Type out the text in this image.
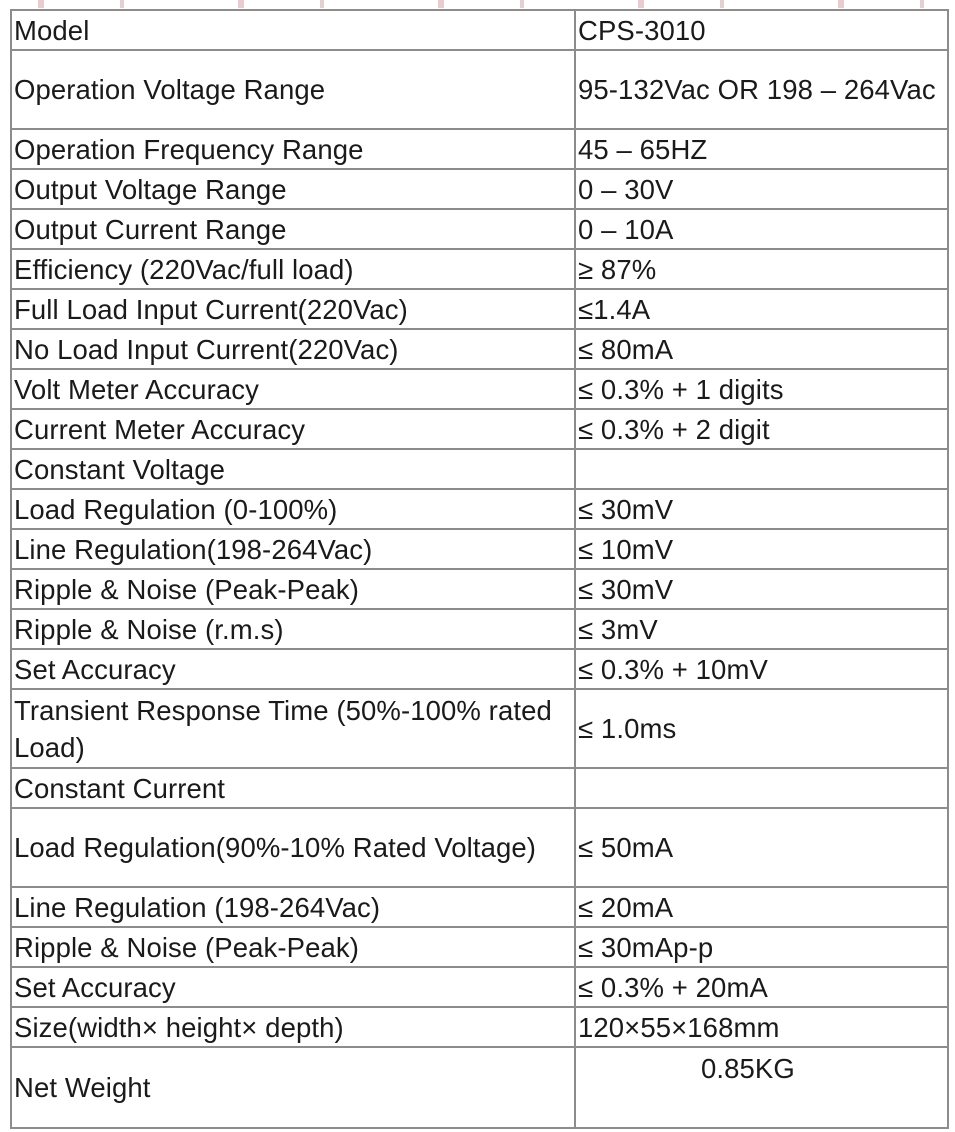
Model	CPS-3010
Operation Voltage Range	95-132Vac OR 198 – 264Vac
Operation Frequency Range	45 – 65HZ
Output Voltage Range	0 – 30V
Output Current Range	0 – 10A
Efficiency (220Vac/full load)	≥ 87%
Full Load Input Current(220Vac)	≤1.4A
No Load Input Current(220Vac)	≤ 80mA
Volt Meter Accuracy	≤ 0.3% + 1 digits
Current Meter Accuracy	≤ 0.3% + 2 digit
Constant Voltage	
Load Regulation (0-100%)	≤ 30mV
Line Regulation(198-264Vac)	≤ 10mV
Ripple & Noise (Peak-Peak)	≤ 30mV
Ripple & Noise (r.m.s)	≤ 3mV
Set Accuracy	≤ 0.3% + 10mV
Transient Response Time (50%-100% rated Load)	≤ 1.0ms
Constant Current	
Load Regulation(90%-10% Rated Voltage)	≤ 50mA
Line Regulation (198-264Vac)	≤ 20mA
Ripple & Noise (Peak-Peak)	≤ 30mAp-p
Set Accuracy	≤ 0.3% + 20mA
Size(width× height× depth)	120×55×168mm
Net Weight	0.85KG
